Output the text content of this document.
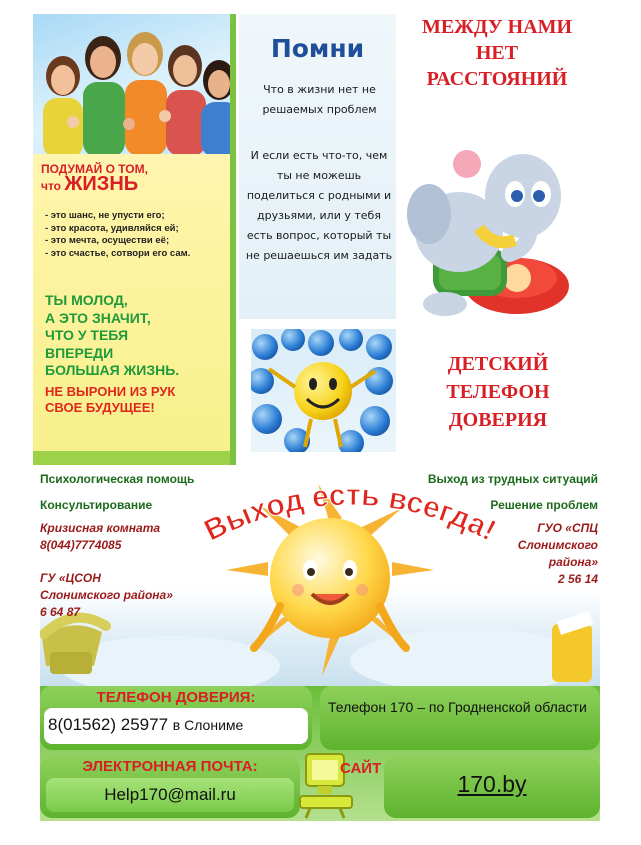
ПОДУМАЙ О ТОМ,
что ЖИЗНЬ
- это шанс, не упусти его;
- это красота, удивляйся ей;
- это мечта, осуществи её;
- это счастье, сотвори его сам.
ТЫ МОЛОД,
А ЭТО ЗНАЧИТ,
ЧТО У ТЕБЯ
ВПЕРЕДИ
БОЛЬШАЯ ЖИЗНЬ.
НЕ ВЫРОНИ ИЗ РУК
СВОЕ БУДУЩЕЕ!
Помни
Что в жизни нет не решаемых проблем
И если есть что-то, чем ты не можешь поделиться с родными и друзьями, или у тебя есть вопрос, который ты не решаешься им задать
МЕЖДУ НАМИ
НЕТ
РАССТОЯНИЙ
ДЕТСКИЙ
ТЕЛЕФОН
ДОВЕРИЯ
Выход есть всегда!
Психологическая помощь
Консультирование
Кризисная комната
8(044)7774085
ГУ «ЦСОН
Слонимского района»
6 64 87
Выход из трудных ситуаций
Решение проблем
ГУО «СПЦ
Слонимского
района»
2 56 14
ТЕЛЕФОН ДОВЕРИЯ:
8(01562) 25977 в Слониме
Телефон 170 – по Гродненской области
ЭЛЕКТРОННАЯ ПОЧТА:
Help170@mail.ru
САЙТ
170.by
